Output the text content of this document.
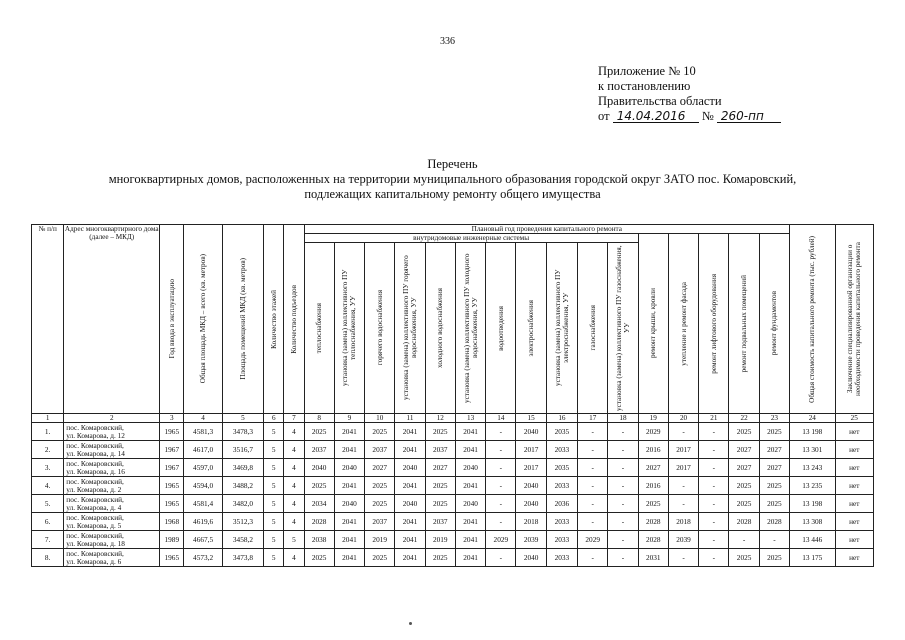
336
Приложение № 10
к постановлению
Правительства области
от 14.04.2016 № 260-пп
Перечень
многоквартирных домов, расположенных на территории муниципального образования городской округ ЗАТО пос. Комаровский,
подлежащих капитальному ремонту общего имущества
№ п/п	Адрес многоквартирного дома (далее – МКД)	Год ввода в эксплуатацию	Общая площадь МКД – всего (кв. метров)	Площадь помещений МКД (кв. метров)	Количество этажей	Количество подъездов	Плановый год проведения капитального ремонта																Общая стоимость капитального ремонта (тыс. рублей)	Заключение специализированной организации о необходимости проведения капитального ремонта

							внутридомовые инженерные системы											ремонт крыши, кровли	утепление и ремонт фасада	ремонт лифтового оборудования	ремонт подвальных помещений	ремонт фундаментов		

							теплоснабжения	установка (замена) коллективного ПУ теплоснабжения, УУ	горячего водоснабжения	установка (замена) коллективного ПУ горячего водоснабжения, УУ	холодного водоснабжения	установка (замена) коллективного ПУ холодного водоснабжения, УУ	водоотведения	электроснабжения	установка (замена) коллективного ПУ электроснабжения, УУ	газоснабжения	установка (замена) коллективного ПУ газоснабжения, УУ							

1	2	3	4	5	6	7	8	9	10	11	12	13	14	15	16	17	18	19	20	21	22	23	24	25
1.	пос. Комаровский,
ул. Комарова, д. 12	1965	4581,3	3478,3	5	4	2025	2041	2025	2041	2025	2041	-	2040	2035	-	-	2029	-	-	2025	2025	13 198	нет
2.	пос. Комаровский,
ул. Комарова, д. 14	1967	4617,0	3516,7	5	4	2037	2041	2037	2041	2037	2041	-	2017	2033	-	-	2016	2017	-	2027	2027	13 301	нет
3.	пос. Комаровский,
ул. Комарова, д. 16	1967	4597,0	3469,8	5	4	2040	2040	2027	2040	2027	2040	-	2017	2035	-	-	2027	2017	-	2027	2027	13 243	нет
4.	пос. Комаровский,
ул. Комарова, д. 2	1965	4594,0	3488,2	5	4	2025	2041	2025	2041	2025	2041	-	2040	2033	-	-	2016	-	-	2025	2025	13 235	нет
5.	пос. Комаровский,
ул. Комарова, д. 4	1965	4581,4	3482,0	5	4	2034	2040	2025	2040	2025	2040	-	2040	2036	-	-	2025	-	-	2025	2025	13 198	нет
6.	пос. Комаровский,
ул. Комарова, д. 5	1968	4619,6	3512,3	5	4	2028	2041	2037	2041	2037	2041	-	2018	2033	-	-	2028	2018	-	2028	2028	13 308	нет
7.	пос. Комаровский,
ул. Комарова, д. 18	1989	4667,5	3458,2	5	5	2038	2041	2019	2041	2019	2041	2029	2039	2033	2029	-	2028	2039	-	-	-	13 446	нет
8.	пос. Комаровский,
ул. Комарова, д. 6	1965	4573,2	3473,8	5	4	2025	2041	2025	2041	2025	2041	-	2040	2033	-	-	2031	-	-	2025	2025	13 175	нет
